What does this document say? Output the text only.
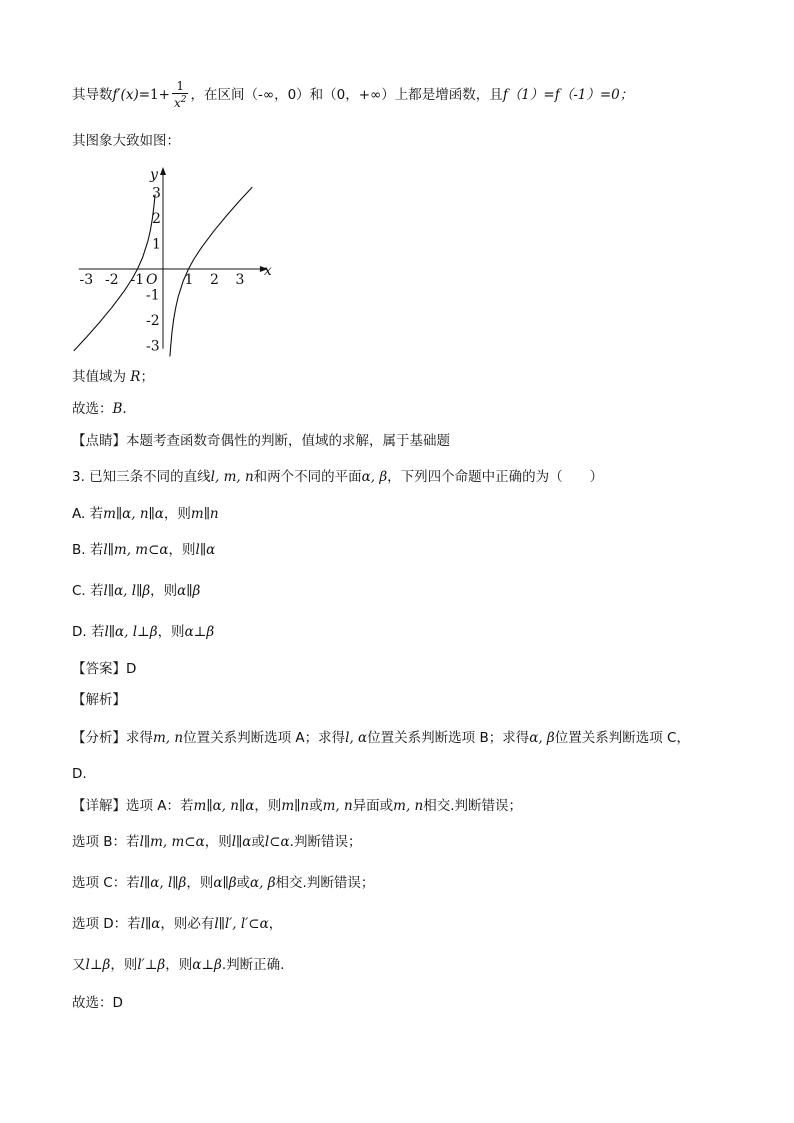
其导数$f'(x)=1+ \frac{1}{x^2}$ ，在区间（-∞，0）和（0，+∞）上都是增函数，且f（1）=f（-1）=0；
其图象大致如图：
x
y
O
-3 -2 -1	1 2 3
3
2
1
-1
-2
-3
其值域为 R；
故选：B.
【点睛】本题考查函数奇偶性的判断，值域的求解，属于基础题
3. 已知三条不同的直线l, m, n和两个不同的平面α, β，下列四个命题中正确的为（　　）
A. 若m∥α, n∥α，则m∥n
B. 若l∥m, m⊂α，则l∥α
C. 若l∥α, l∥β，则α∥β
D. 若l∥α, l⊥β，则α⊥β
【答案】D
【解析】
【分析】求得m, n位置关系判断选项 A；求得l, α位置关系判断选项 B；求得α, β位置关系判断选项 C，
D.
【详解】选项 A：若m∥α, n∥α，则m∥n或m, n异面或m, n相交.判断错误；
选项 B：若l∥m, m⊂α，则l∥α或l⊂α.判断错误；
选项 C：若l∥α, l∥β，则α∥β或α, β相交.判断错误；
选项 D：若l∥α，则必有l∥l′, l′⊂α，
又l⊥β，则l′⊥β，则α⊥β.判断正确.
故选：D
